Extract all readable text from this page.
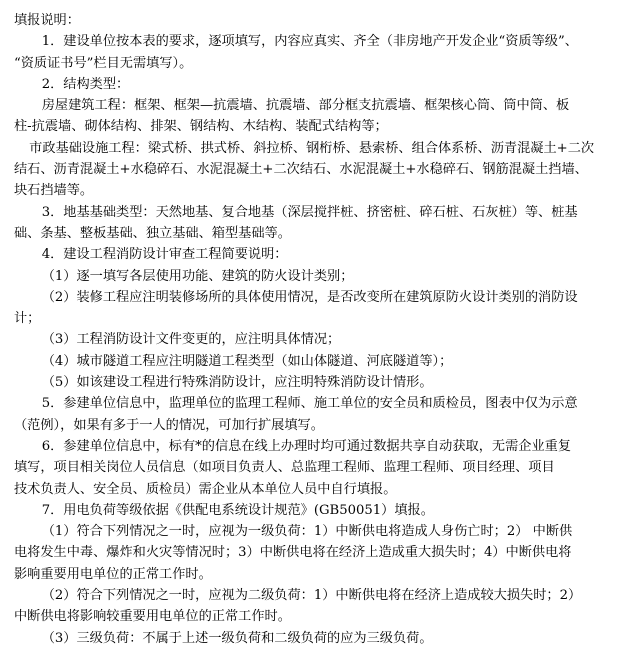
填报说明：
1．建设单位按本表的要求，逐项填写，内容应真实、齐全（非房地产开发企业“资质等级”、
“资质证书号”栏目无需填写）。
2．结构类型：
房屋建筑工程：框架、框架—抗震墙、抗震墙、部分框支抗震墙、框架核心筒、筒中筒、板
柱-抗震墙、砌体结构、排架、钢结构、木结构、装配式结构等；
市政基础设施工程：梁式桥、拱式桥、斜拉桥、钢桁桥、悬索桥、组合体系桥、沥青混凝土+二次
结石、沥青混凝土+水稳碎石、水泥混凝土+二次结石、水泥混凝土+水稳碎石、钢筋混凝土挡墙、
块石挡墙等。
3．地基基础类型：天然地基、复合地基（深层搅拌桩、挤密桩、碎石桩、石灰桩）等、桩基
础、条基、整板基础、独立基础、箱型基础等。
4．建设工程消防设计审查工程简要说明：
（1）逐一填写各层使用功能、建筑的防火设计类别；
（2）装修工程应注明装修场所的具体使用情况，是否改变所在建筑原防火设计类别的消防设
计；
（3）工程消防设计文件变更的，应注明具体情况；
（4）城市隧道工程应注明隧道工程类型（如山体隧道、河底隧道等）；
（5）如该建设工程进行特殊消防设计，应注明特殊消防设计情形。
5．参建单位信息中，监理单位的监理工程师、施工单位的安全员和质检员，图表中仅为示意
（范例），如果有多于一人的情况，可加行扩展填写。
6．参建单位信息中，标有*的信息在线上办理时均可通过数据共享自动获取，无需企业重复
填写，项目相关岗位人员信息（如项目负责人、总监理工程师、监理工程师、项目经理、项目
技术负责人、安全员、质检员）需企业从本单位人员中自行填报。
7．用电负荷等级依据《供配电系统设计规范》(GB50051）填报。
（1）符合下列情况之一时，应视为一级负荷：1）中断供电将造成人身伤亡时；2） 中断供
电将发生中毒、爆炸和火灾等情况时；3）中断供电将在经济上造成重大损失时；4）中断供电将
影响重要用电单位的正常工作时。
（2）符合下列情况之一时，应视为二级负荷：1）中断供电将在经济上造成较大损失时；2）
中断供电将影响较重要用电单位的正常工作时。
（3）三级负荷：不属于上述一级负荷和二级负荷的应为三级负荷。
